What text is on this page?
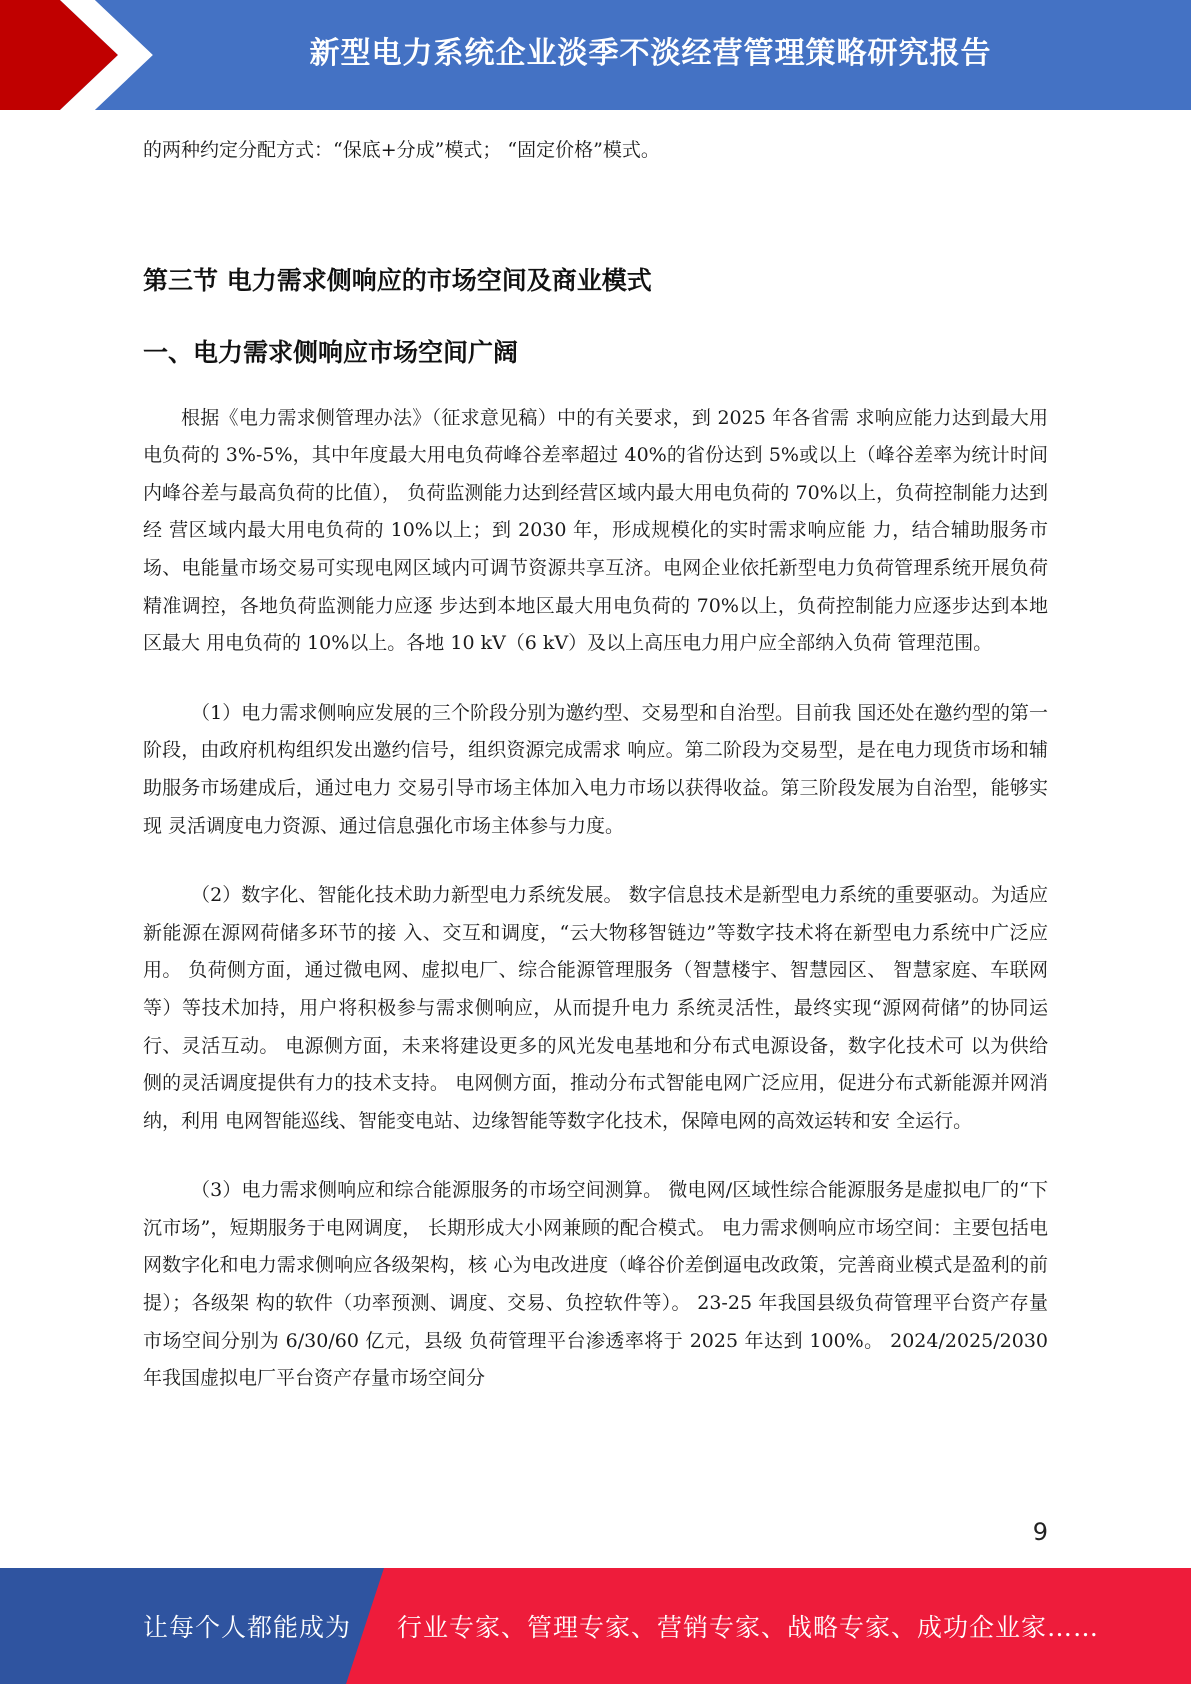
新型电力系统企业淡季不淡经营管理策略研究报告

的两种约定分配方式：“保底+分成”模式； “固定价格”模式。

第三节 电力需求侧响应的市场空间及商业模式
一、电力需求侧响应市场空间广阔

根据《电力需求侧管理办法》（征求意见稿）中的有关要求，到 2025 年各省需 求响应能力达到最大用电负荷的 3%-5%，其中年度最大用电负荷峰谷差率超过 40%的省份达到 5%或以上（峰谷差率为统计时间内峰谷差与最高负荷的比值）， 负荷监测能力达到经营区域内最大用电负荷的 70%以上，负荷控制能力达到经 营区域内最大用电负荷的 10%以上；到 2030 年，形成规模化的实时需求响应能 力，结合辅助服务市场、电能量市场交易可实现电网区域内可调节资源共享互济。电网企业依托新型电力负荷管理系统开展负荷精准调控，各地负荷监测能力应逐 步达到本地区最大用电负荷的 70%以上，负荷控制能力应逐步达到本地区最大 用电负荷的 10%以上。各地 10 kV（6 kV）及以上高压电力用户应全部纳入负荷 管理范围。

（1）电力需求侧响应发展的三个阶段分别为邀约型、交易型和自治型。目前我 国还处在邀约型的第一阶段，由政府机构组织发出邀约信号，组织资源完成需求 响应。第二阶段为交易型，是在电力现货市场和辅助服务市场建成后，通过电力 交易引导市场主体加入电力市场以获得收益。第三阶段发展为自治型，能够实现 灵活调度电力资源、通过信息强化市场主体参与力度。

（2）数字化、智能化技术助力新型电力系统发展。 数字信息技术是新型电力系统的重要驱动。为适应新能源在源网荷储多环节的接 入、交互和调度，“云大物移智链边”等数字技术将在新型电力系统中广泛应用。 负荷侧方面，通过微电网、虚拟电厂、综合能源管理服务（智慧楼宇、智慧园区、 智慧家庭、车联网等）等技术加持，用户将积极参与需求侧响应，从而提升电力 系统灵活性，最终实现“源网荷储”的协同运行、灵活互动。 电源侧方面，未来将建设更多的风光发电基地和分布式电源设备，数字化技术可 以为供给侧的灵活调度提供有力的技术支持。 电网侧方面，推动分布式智能电网广泛应用，促进分布式新能源并网消纳，利用 电网智能巡线、智能变电站、边缘智能等数字化技术，保障电网的高效运转和安 全运行。

（3）电力需求侧响应和综合能源服务的市场空间测算。 微电网/区域性综合能源服务是虚拟电厂的“下沉市场”，短期服务于电网调度， 长期形成大小网兼顾的配合模式。 电力需求侧响应市场空间：主要包括电网数字化和电力需求侧响应各级架构，核 心为电改进度（峰谷价差倒逼电改政策，完善商业模式是盈利的前提）；各级架 构的软件（功率预测、调度、交易、负控软件等）。 23-25 年我国县级负荷管理平台资产存量市场空间分别为 6/30/60 亿元，县级 负荷管理平台渗透率将于 2025 年达到 100%。 2024/2025/2030 年我国虚拟电厂平台资产存量市场空间分

9
让每个人都能成为 行业专家、管理专家、营销专家、战略专家、成功企业家……
